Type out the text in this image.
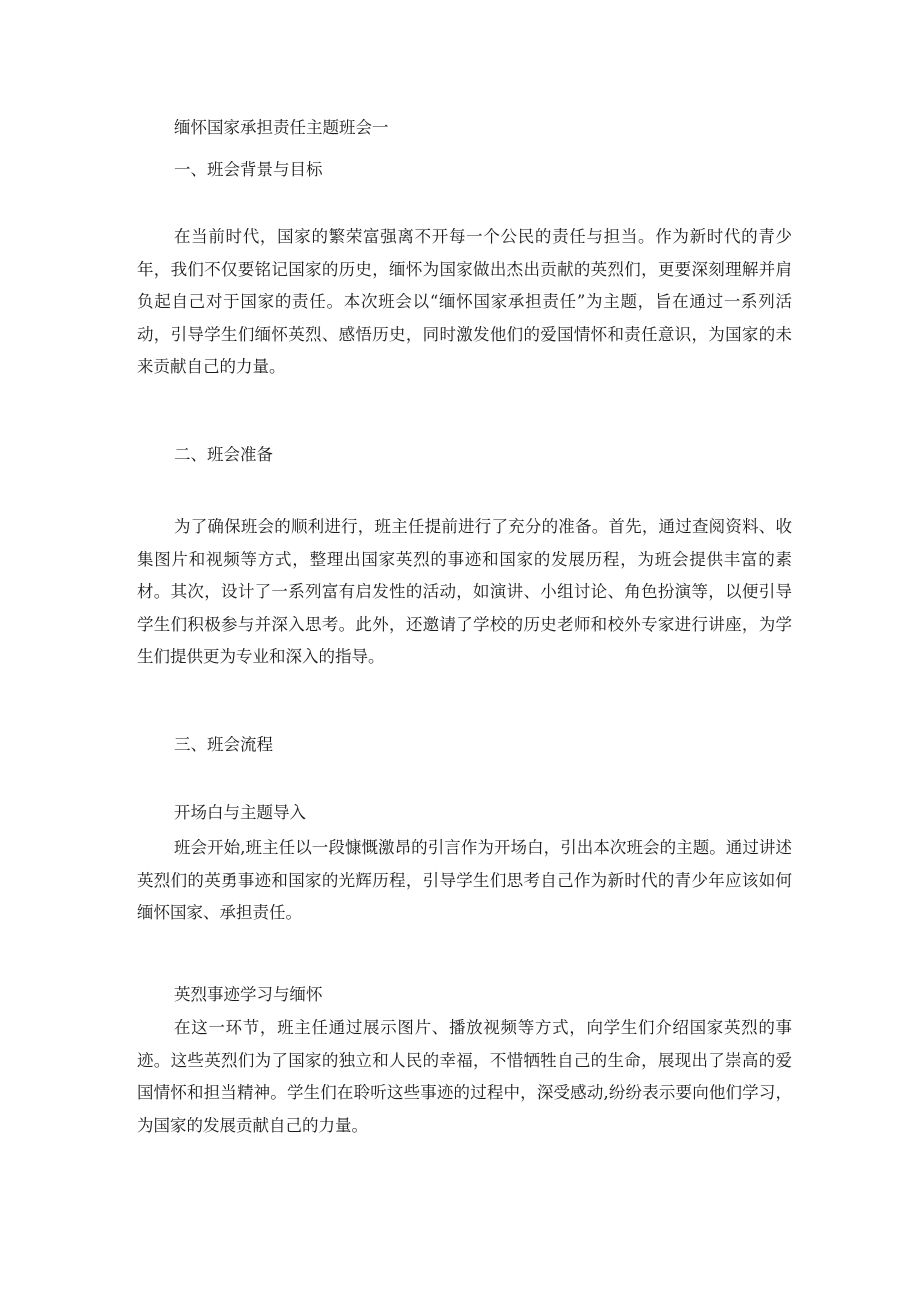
缅怀国家承担责任主题班会一
一、班会背景与目标

在当前时代，国家的繁荣富强离不开每一个公民的责任与担当。作为新时代的青少年，我们不仅要铭记国家的历史，缅怀为国家做出杰出贡献的英烈们，更要深刻理解并肩负起自己对于国家的责任。本次班会以“缅怀国家承担责任”为主题，旨在通过一系列活动，引导学生们缅怀英烈、感悟历史，同时激发他们的爱国情怀和责任意识，为国家的未来贡献自己的力量。

二、班会准备

为了确保班会的顺利进行，班主任提前进行了充分的准备。首先，通过查阅资料、收集图片和视频等方式，整理出国家英烈的事迹和国家的发展历程，为班会提供丰富的素材。其次，设计了一系列富有启发性的活动，如演讲、小组讨论、角色扮演等，以便引导学生们积极参与并深入思考。此外，还邀请了学校的历史老师和校外专家进行讲座，为学生们提供更为专业和深入的指导。

三、班会流程
开场白与主题导入

班会开始,班主任以一段慷慨激昂的引言作为开场白，引出本次班会的主题。通过讲述英烈们的英勇事迹和国家的光辉历程，引导学生们思考自己作为新时代的青少年应该如何缅怀国家、承担责任。

英烈事迹学习与缅怀

在这一环节，班主任通过展示图片、播放视频等方式，向学生们介绍国家英烈的事迹。这些英烈们为了国家的独立和人民的幸福，不惜牺牲自己的生命，展现出了崇高的爱国情怀和担当精神。学生们在聆听这些事迹的过程中，深受感动,纷纷表示要向他们学习，为国家的发展贡献自己的力量。
